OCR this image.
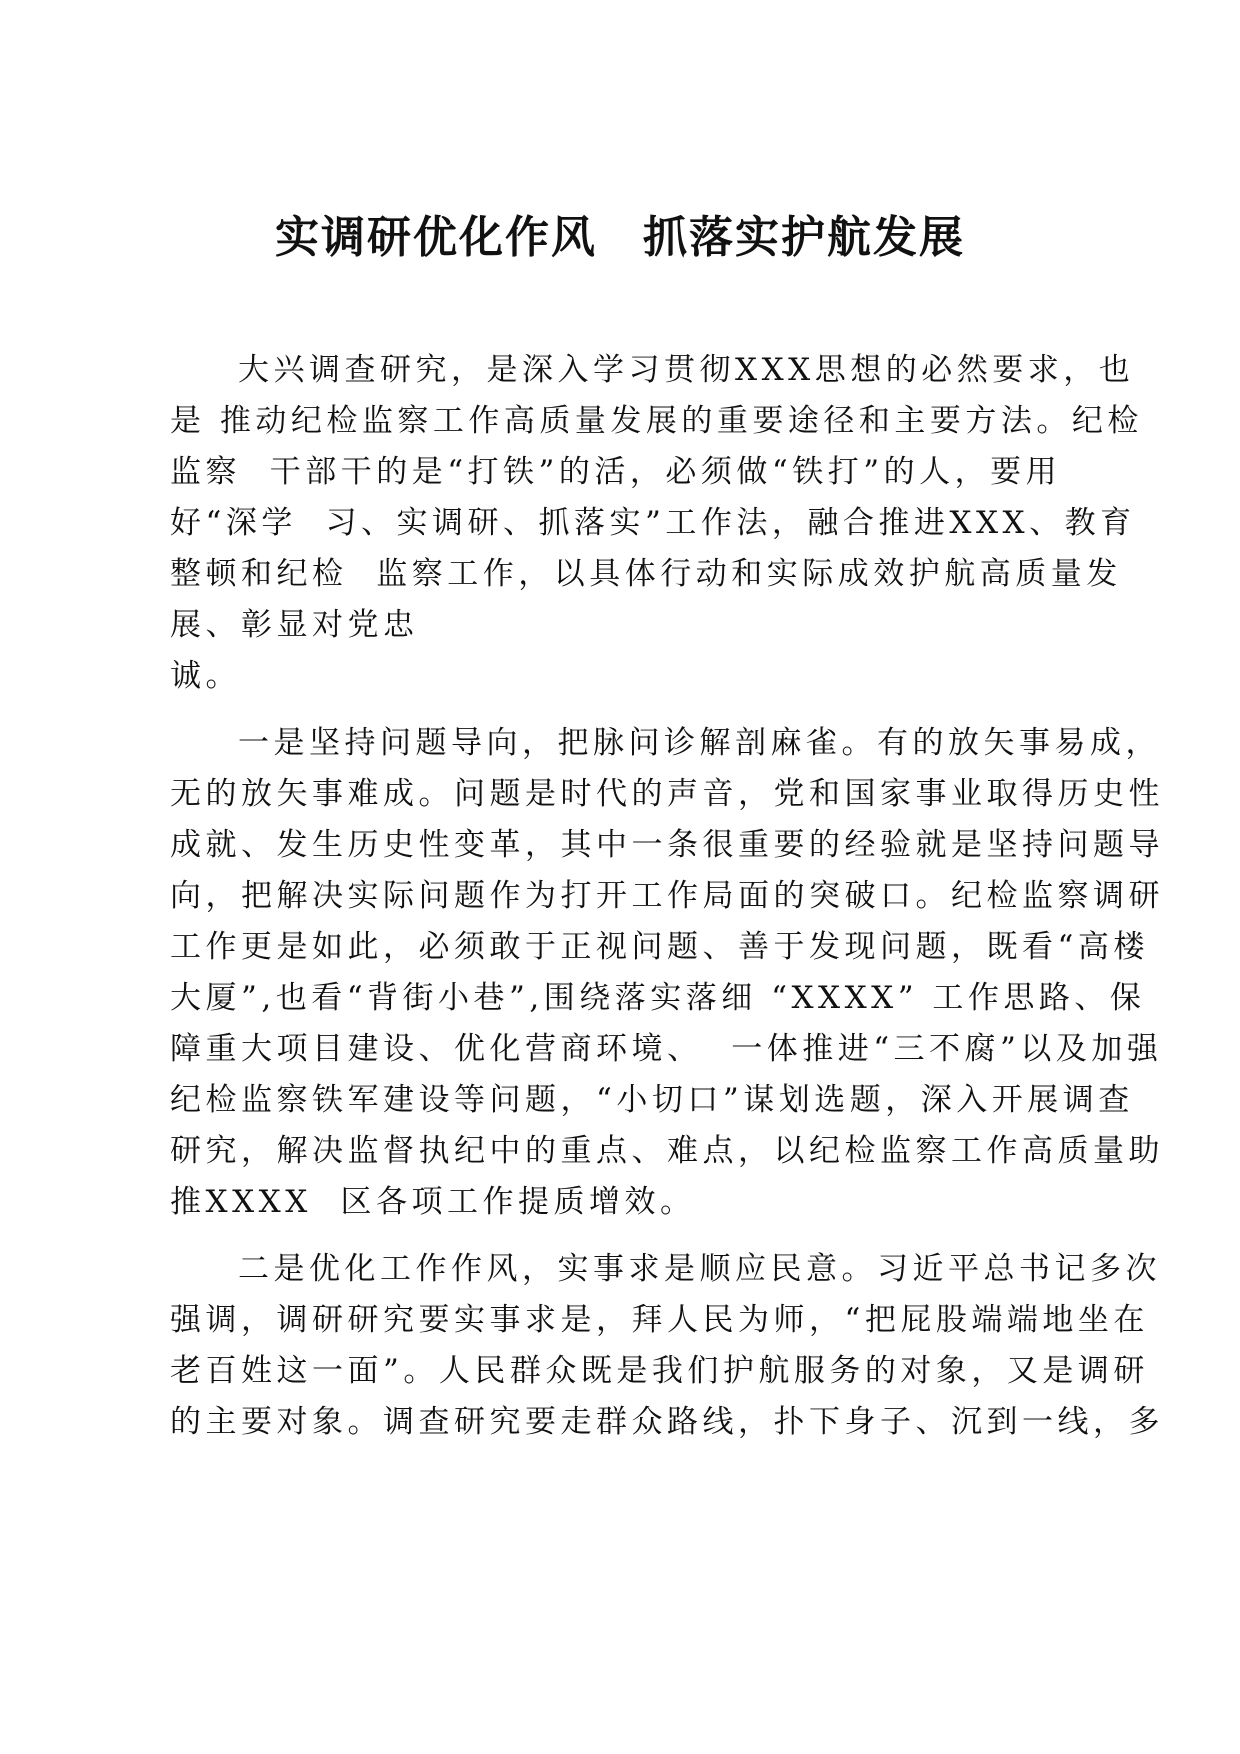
实调研优化作风　抓落实护航发展

大兴调查研究，是深入学习贯彻XXX思想的必然要求，也
是 推动纪检监察工作高质量发展的重要途径和主要方法。纪检
监察  干部干的是“打铁”的活，必须做“铁打”的人，要用
好“深学  习、实调研、抓落实”工作法，融合推进XXX、教育
整顿和纪检  监察工作，以具体行动和实际成效护航高质量发
展、彰显对党忠
诚。

一是坚持问题导向，把脉问诊解剖麻雀。有的放矢事易成，
无的放矢事难成。问题是时代的声音，党和国家事业取得历史性
成就、发生历史性变革，其中一条很重要的经验就是坚持问题导
向，把解决实际问题作为打开工作局面的突破口。纪检监察调研
工作更是如此，必须敢于正视问题、善于发现问题，既看“高楼
大厦”,也看“背街小巷”,围绕落实落细 “XXXX” 工作思路、保
障重大项目建设、优化营商环境、  一体推进“三不腐”以及加强
纪检监察铁军建设等问题，“小切口”谋划选题，深入开展调查
研究，解决监督执纪中的重点、难点，以纪检监察工作高质量助
推XXXX  区各项工作提质增效。

二是优化工作作风，实事求是顺应民意。习近平总书记多次
强调，调研研究要实事求是，拜人民为师，“把屁股端端地坐在
老百姓这一面”。人民群众既是我们护航服务的对象，又是调研
的主要对象。调查研究要走群众路线，扑下身子、沉到一线，多
